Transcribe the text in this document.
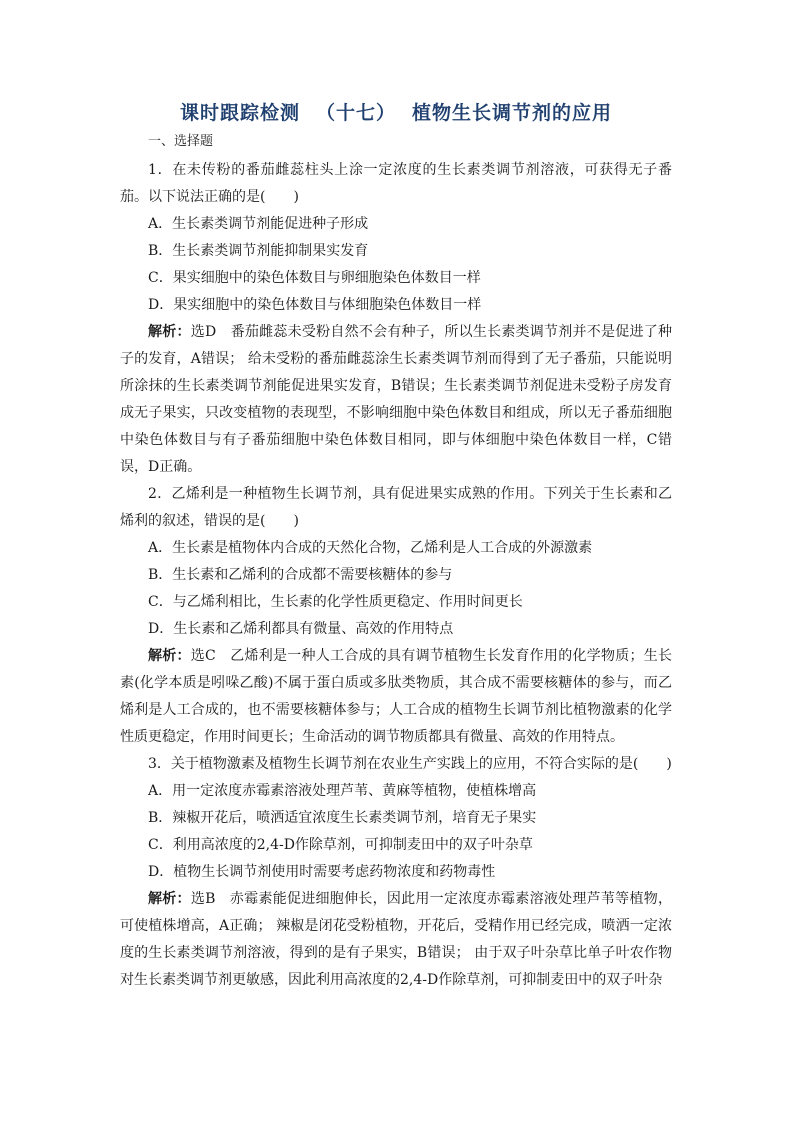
课时跟踪检测 （十七） 植物生长调节剂的应用
一、选择题

1．在未传粉的番茄雌蕊柱头上涂一定浓度的生长素类调节剂溶液，可获得无子番茄。以下说法正确的是(　　)

A．生长素类调节剂能促进种子形成

B．生长素类调节剂能抑制果实发育

C．果实细胞中的染色体数目与卵细胞染色体数目一样

D．果实细胞中的染色体数目与体细胞染色体数目一样

解析：选D　番茄雌蕊未受粉自然不会有种子，所以生长素类调节剂并不是促进了种子的发育，A错误； 给未受粉的番茄雌蕊涂生长素类调节剂而得到了无子番茄，只能说明所涂抹的生长素类调节剂能促进果实发育，B错误；生长素类调节剂促进未受粉子房发育成无子果实，只改变植物的表现型，不影响细胞中染色体数目和组成，所以无子番茄细胞中染色体数目与有子番茄细胞中染色体数目相同，即与体细胞中染色体数目一样，C错误，D正确。

2．乙烯利是一种植物生长调节剂，具有促进果实成熟的作用。下列关于生长素和乙烯利的叙述，错误的是(　　)

A．生长素是植物体内合成的天然化合物，乙烯利是人工合成的外源激素

B．生长素和乙烯利的合成都不需要核糖体的参与

C．与乙烯利相比，生长素的化学性质更稳定、作用时间更长

D．生长素和乙烯利都具有微量、高效的作用特点

解析：选C　乙烯利是一种人工合成的具有调节植物生长发育作用的化学物质；生长素(化学本质是吲哚乙酸)不属于蛋白质或多肽类物质，其合成不需要核糖体的参与，而乙烯利是人工合成的，也不需要核糖体参与；人工合成的植物生长调节剂比植物激素的化学性质更稳定，作用时间更长；生命活动的调节物质都具有微量、高效的作用特点。

3．关于植物激素及植物生长调节剂在农业生产实践上的应用，不符合实际的是(　　)

A．用一定浓度赤霉素溶液处理芦苇、黄麻等植物，使植株增高

B．辣椒开花后，喷洒适宜浓度生长素类调节剂，培育无子果实

C．利用高浓度的2,4-D作除草剂，可抑制麦田中的双子叶杂草

D．植物生长调节剂使用时需要考虑药物浓度和药物毒性

解析：选B　赤霉素能促进细胞伸长，因此用一定浓度赤霉素溶液处理芦苇等植物，可使植株增高，A正确； 辣椒是闭花受粉植物，开花后，受精作用已经完成，喷洒一定浓度的生长素类调节剂溶液，得到的是有子果实，B错误； 由于双子叶杂草比单子叶农作物对生长素类调节剂更敏感，因此利用高浓度的2,4-D作除草剂，可抑制麦田中的双子叶杂
